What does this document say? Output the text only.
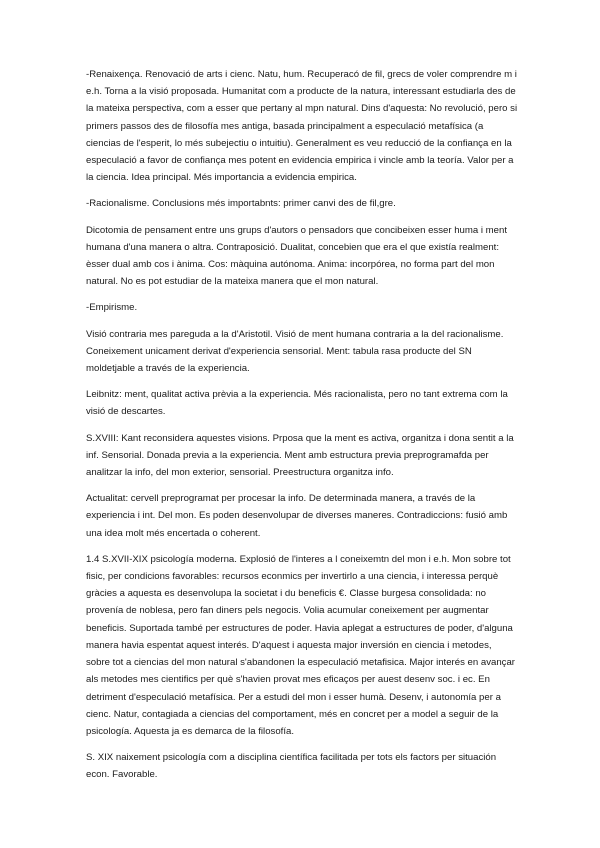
-Renaixença. Renovació de arts i cienc. Natu, hum. Recuperacó de fil, grecs de voler comprendre m i e.h. Torna a la visió proposada. Humanitat com a producte de la natura, interessant estudiarla des de la mateixa perspectiva, com a esser que pertany al mpn natural. Dins d'aquesta: No revolució, pero si primers passos des de filosofía mes antiga, basada principalment a especulació metafísica (a ciencias de l'esperit, lo més subejectiu o intuitiu). Generalment es veu reducció de la confiança en la especulació a favor de confiança mes potent en evidencia empirica i vincle amb la teoría. Valor per a la ciencia. Idea principal. Més importancia a evidencia empirica.

-Racionalisme. Conclusions més importabnts: primer canvi des de fil,gre.

Dicotomia de pensament entre uns grups d'autors o pensadors que concibeixen esser huma i ment humana d'una manera o altra. Contraposició. Dualitat, concebien que era el que existía realment: èsser dual amb cos i ànima. Cos: màquina autónoma. Anima: incorpórea, no forma part del mon natural. No es pot estudiar de la mateixa manera que el mon natural.

-Empirisme.

Visió contraria mes pareguda a la d'Aristotil. Visió de ment humana contraria a la del racionalisme. Coneixement unicament derivat d'experiencia sensorial. Ment: tabula rasa producte del SN moldetjable a través de la experiencia.

Leibnitz: ment, qualitat activa prèvia a la experiencia. Més racionalista, pero no tant extrema com la visió de descartes.

S.XVIII: Kant reconsidera aquestes visions. Prposa que la ment es activa, organitza i dona sentit a la inf. Sensorial. Donada previa a la experiencia. Ment amb estructura previa preprogramafda per analitzar la info, del mon exterior, sensorial. Preestructura organitza info.

Actualitat: cervell preprogramat per procesar la info. De determinada manera, a través de la experiencia i int. Del mon. Es poden desenvolupar de diverses maneres. Contradiccions: fusió amb una idea molt més encertada o coherent.

1.4 S.XVII-XIX psicología moderna. Explosió de l'interes a l coneixemtn del mon i e.h. Mon sobre tot fisic, per condicions favorables: recursos econmics per invertirlo a una ciencia, i interessa perquè gràcies a aquesta es desenvolupa la societat i du beneficis €. Classe burgesa consolidada: no provenía de noblesa, pero fan diners pels negocis. Volia acumular coneixement per augmentar beneficis. Suportada també per estructures de poder. Havia aplegat a estructures de poder, d'alguna manera havia espentat aquest interés. D'aquest i aquesta major inversión en ciencia i metodes, sobre tot a ciencias del mon natural s'abandonen la especulació metafisica. Major interés en avançar als metodes mes cientifics per què s'havien provat mes eficaços per auest desenv soc. i ec. En detriment d'especulació metafísica. Per a estudi del mon i esser humà. Desenv, i autonomía per a cienc. Natur, contagiada a ciencias del comportament, més en concret per a model a seguir de la psicología. Aquesta ja es demarca de la filosofía.

S. XIX naixement psicología com a disciplina científica facilitada per tots els factors per situación econ. Favorable.
